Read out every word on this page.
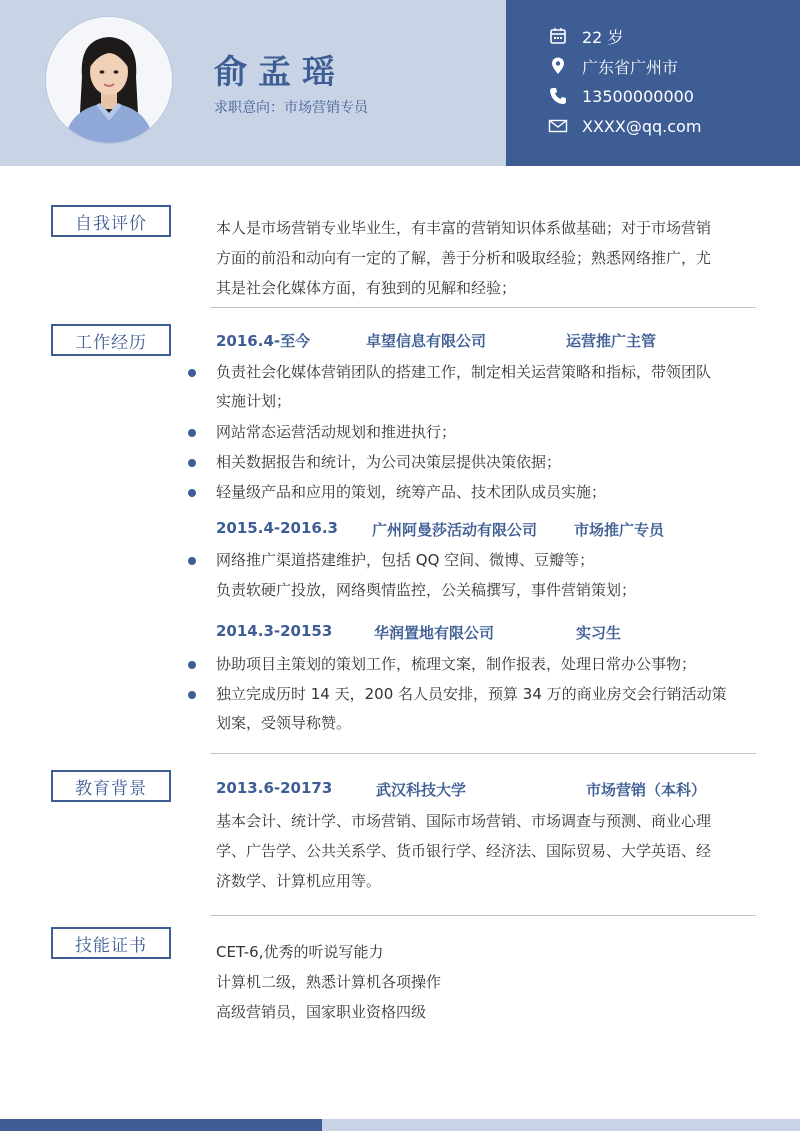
俞孟瑶
求职意向：市场营销专员
22 岁
广东省广州市
13500000000
XXXX@qq.com
自我评价	本人是市场营销专业毕业生，有丰富的营销知识体系做基础；对于市场营销
方面的前沿和动向有一定的了解，善于分析和吸取经验；熟悉网络推广，尤
其是社会化媒体方面，有独到的见解和经验；
工作经历	2016.4-至今	卓望信息有限公司	运营推广主管
负责社会化媒体营销团队的搭建工作，制定相关运营策略和指标，带领团队
实施计划；
网站常态运营活动规划和推进执行；
相关数据报告和统计，为公司决策层提供决策依据；
轻量级产品和应用的策划，统筹产品、技术团队成员实施；
2015.4-2016.3 广州阿曼莎活动有限公司 市场推广专员
网络推广渠道搭建维护，包括 QQ 空间、微博、豆瓣等；
负责软硬广投放，网络舆情监控，公关稿撰写，事件营销策划；
2014.3-20153	华润置地有限公司	实习生
协助项目主策划的策划工作，梳理文案，制作报表，处理日常办公事物；
独立完成历时 14 天，200 名人员安排，预算 34 万的商业房交会行销活动策
划案，受领导称赞。
教育背景	2013.6-20173	武汉科技大学	市场营销（本科）
基本会计、统计学、市场营销、国际市场营销、市场调查与预测、商业心理
学、广告学、公共关系学、货币银行学、经济法、国际贸易、大学英语、经
济数学、计算机应用等。
技能证书	CET-6,优秀的听说写能力
计算机二级，熟悉计算机各项操作
高级营销员，国家职业资格四级
